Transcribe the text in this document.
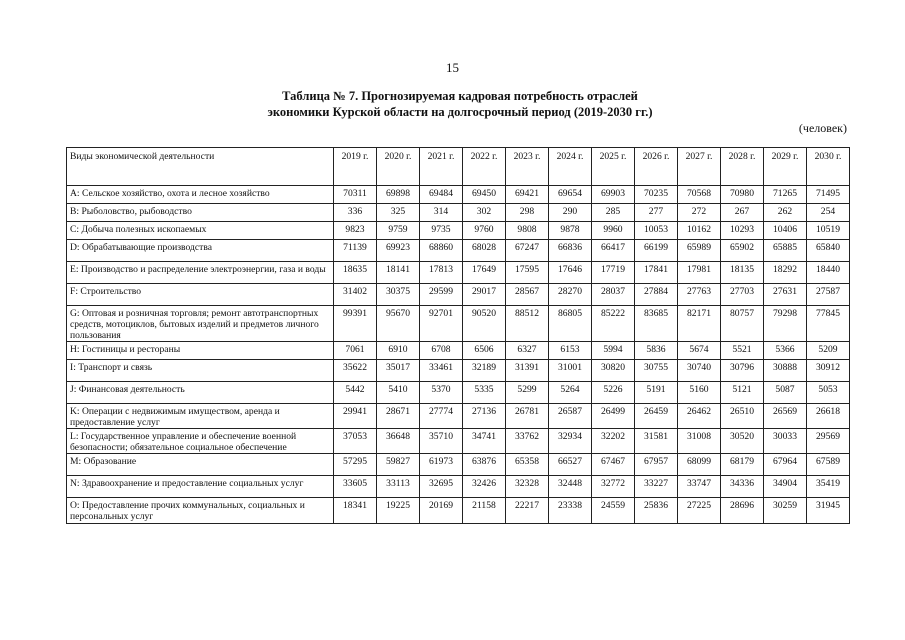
15
Таблица № 7. Прогнозируемая кадровая потребность отраслей
экономики Курской области на долгосрочный период (2019-2030 гг.)
(человек)
Виды экономической деятельности	2019 г.	2020 г.	2021 г.	2022 г.	2023 г.	2024 г.	2025 г.	2026 г.	2027 г.	2028 г.	2029 г.	2030 г.
A: Сельское хозяйство, охота и лесное хозяйство	70311	69898	69484	69450	69421	69654	69903	70235	70568	70980	71265	71495
B: Рыболовство, рыбоводство	336	325	314	302	298	290	285	277	272	267	262	254
C: Добыча полезных ископаемых	9823	9759	9735	9760	9808	9878	9960	10053	10162	10293	10406	10519
D: Обрабатывающие производства	71139	69923	68860	68028	67247	66836	66417	66199	65989	65902	65885	65840
E: Производство и распределение электроэнергии, газа и воды	18635	18141	17813	17649	17595	17646	17719	17841	17981	18135	18292	18440
F: Строительство	31402	30375	29599	29017	28567	28270	28037	27884	27763	27703	27631	27587
G: Оптовая и розничная торговля; ремонт автотранспортных средств, мотоциклов, бытовых изделий и предметов личного пользования	99391	95670	92701	90520	88512	86805	85222	83685	82171	80757	79298	77845
H: Гостиницы и рестораны	7061	6910	6708	6506	6327	6153	5994	5836	5674	5521	5366	5209
I: Транспорт и связь	35622	35017	33461	32189	31391	31001	30820	30755	30740	30796	30888	30912
J: Финансовая деятельность	5442	5410	5370	5335	5299	5264	5226	5191	5160	5121	5087	5053
K: Операции с недвижимым имуществом, аренда и предоставление услуг	29941	28671	27774	27136	26781	26587	26499	26459	26462	26510	26569	26618
L: Государственное управление и обеспечение военной безопасности; обязательное социальное обеспечение	37053	36648	35710	34741	33762	32934	32202	31581	31008	30520	30033	29569
M: Образование	57295	59827	61973	63876	65358	66527	67467	67957	68099	68179	67964	67589
N: Здравоохранение и предоставление социальных услуг	33605	33113	32695	32426	32328	32448	32772	33227	33747	34336	34904	35419
O: Предоставление прочих коммунальных, социальных и персональных услуг	18341	19225	20169	21158	22217	23338	24559	25836	27225	28696	30259	31945
